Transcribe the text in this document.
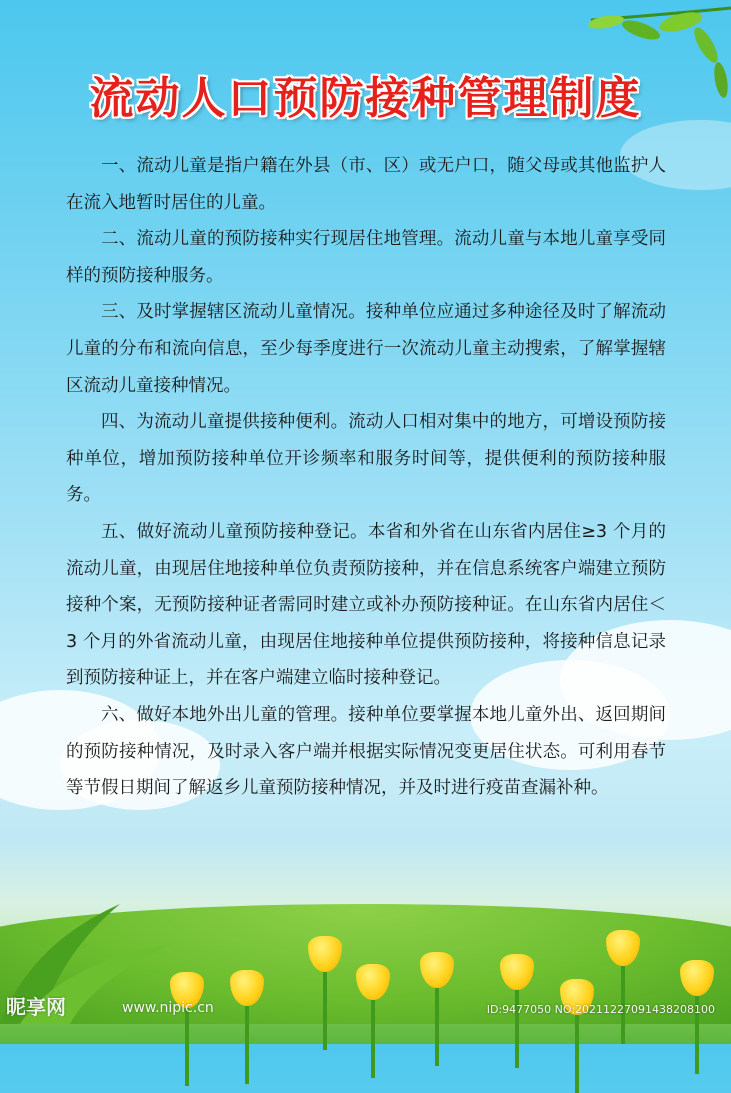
流动人口预防接种管理制度

一、流动儿童是指户籍在外县（市、区）或无户口，随父母或其他监护人在流入地暂时居住的儿童。

二、流动儿童的预防接种实行现居住地管理。流动儿童与本地儿童享受同样的预防接种服务。

三、及时掌握辖区流动儿童情况。接种单位应通过多种途径及时了解流动儿童的分布和流向信息，至少每季度进行一次流动儿童主动搜索，了解掌握辖区流动儿童接种情况。

四、为流动儿童提供接种便利。流动人口相对集中的地方，可增设预防接种单位，增加预防接种单位开诊频率和服务时间等，提供便利的预防接种服务。

五、做好流动儿童预防接种登记。本省和外省在山东省内居住≥3 个月的流动儿童，由现居住地接种单位负责预防接种，并在信息系统客户端建立预防接种个案，无预防接种证者需同时建立或补办预防接种证。在山东省内居住＜3 个月的外省流动儿童，由现居住地接种单位提供预防接种，将接种信息记录到预防接种证上，并在客户端建立临时接种登记。

六、做好本地外出儿童的管理。接种单位要掌握本地儿童外出、返回期间的预防接种情况，及时录入客户端并根据实际情况变更居住状态。可利用春节等节假日期间了解返乡儿童预防接种情况，并及时进行疫苗查漏补种。

昵享网	www.nipic.cn	ID:9477050 NO:20211227091438208100
